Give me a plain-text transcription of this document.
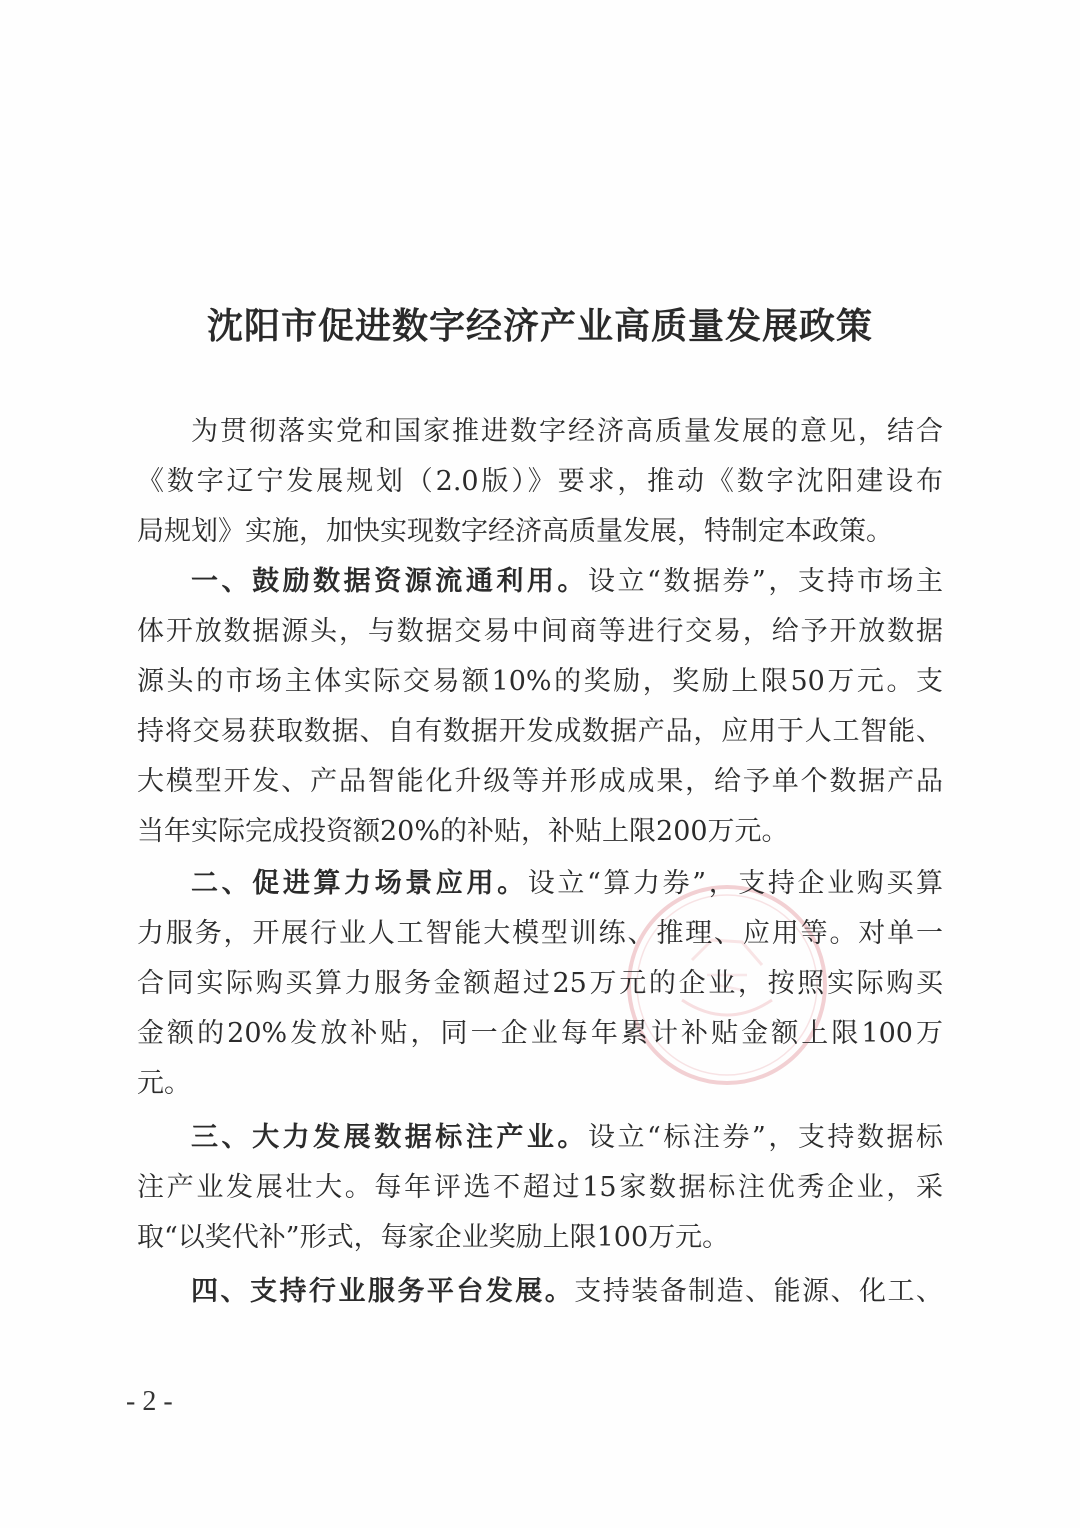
沈阳市促进数字经济产业高质量发展政策
为贯彻落实党和国家推进数字经济高质量发展的意见，结合
《数字辽宁发展规划（2.0版）》要求，推动《数字沈阳建设布
局规划》实施，加快实现数字经济高质量发展，特制定本政策。
一、鼓励数据资源流通利用。设立“数据券”，支持市场主
体开放数据源头，与数据交易中间商等进行交易，给予开放数据
源头的市场主体实际交易额10%的奖励，奖励上限50万元。支
持将交易获取数据、自有数据开发成数据产品，应用于人工智能、
大模型开发、产品智能化升级等并形成成果，给予单个数据产品
当年实际完成投资额20%的补贴，补贴上限200万元。
二、促进算力场景应用。设立“算力券”，支持企业购买算
力服务，开展行业人工智能大模型训练、推理、应用等。对单一
合同实际购买算力服务金额超过25万元的企业，按照实际购买
金额的20%发放补贴，同一企业每年累计补贴金额上限100万
元。
三、大力发展数据标注产业。设立“标注券”，支持数据标
注产业发展壮大。每年评选不超过15家数据标注优秀企业，采
取“以奖代补”形式，每家企业奖励上限100万元。
四、支持行业服务平台发展。支持装备制造、能源、化工、
- 2 -
